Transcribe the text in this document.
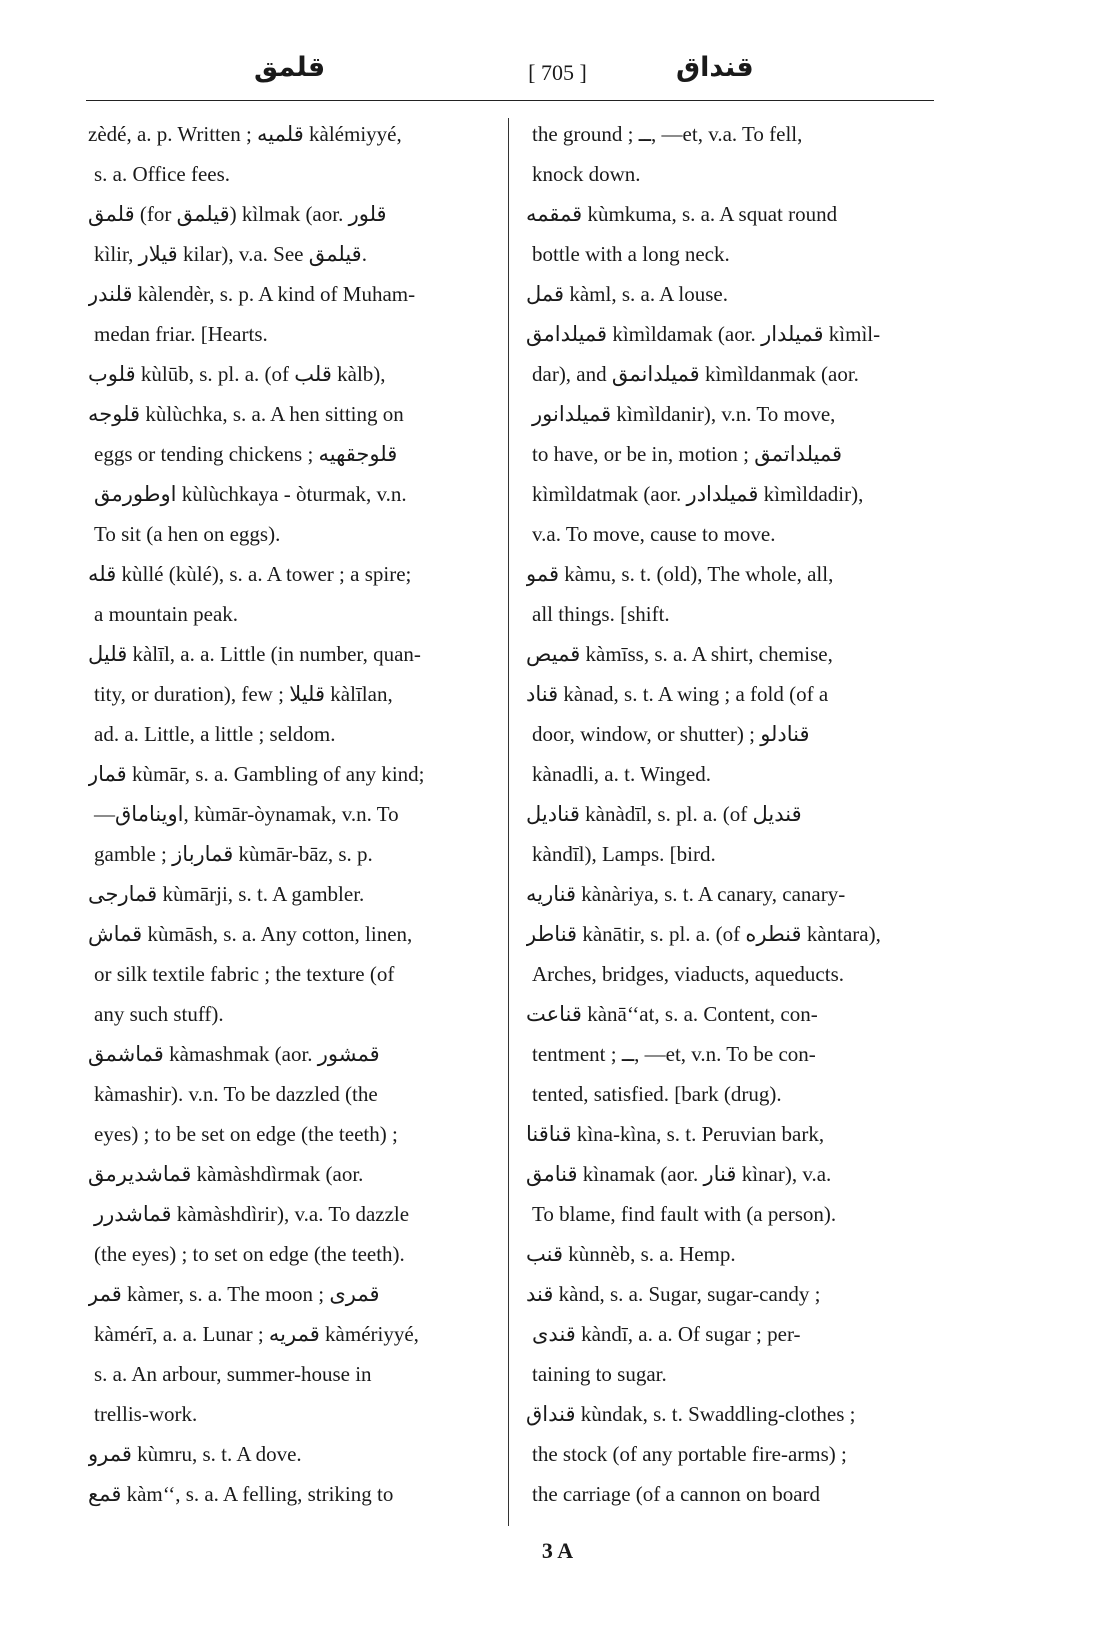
قلمق	[ 705 ]	قنداق
zèdé, a. p. Written ; قلمیه kàlémiyyé,
s. a. Office fees.
قلمق (for قیلمق) kìlmak (aor. قلور
kìlir, قیلار kilar), v.a. See قیلمق.
قلندر kàlendèr, s. p. A kind of Muham-
medan friar. [Hearts.
قلوب kùlūb, s. pl. a. (of قلب kàlb),
قلوجه kùlùchka, s. a. A hen sitting on
eggs or tending chickens ; قلوجقهیه
اوطورمق kùlùchkaya - òturmak, v.n.
To sit (a hen on eggs).
قله kùllé (kùlé), s. a. A tower ; a spire;
a mountain peak.
قلیل kàlīl, a. a. Little (in number, quan-
tity, or duration), few ; قلیلا kàlīlan,
ad. a. Little, a little ; seldom.
قمار kùmār, s. a. Gambling of any kind;
—اویناماق, kùmār-òynamak, v.n. To
gamble ; قمارباز kùmār-bāz, s. p.
قمارجی kùmārji, s. t. A gambler.
قماش kùmāsh, s. a. Any cotton, linen,
or silk textile fabric ; the texture (of
any such stuff).
قماشمق kàmashmak (aor. قمشور
kàmashir). v.n. To be dazzled (the
eyes) ; to be set on edge (the teeth) ;
قماشدیرمق kàmàshdìrmak (aor.
قماشدرر kàmàshdìrir), v.a. To dazzle
(the eyes) ; to set on edge (the teeth).
قمر kàmer, s. a. The moon ; قمری
kàmérī, a. a. Lunar ; قمریه kàmériyyé,
s. a. An arbour, summer-house in
trellis-work.
قمرو kùmru, s. t. A dove.
قمع kàm‘‘, s. a. A felling, striking to
the ground ; ــ, —et, v.a. To fell,
knock down.
قمقمه kùmkuma, s. a. A squat round
bottle with a long neck.
قمل kàml, s. a. A louse.
قمیلدامق kìmìldamak (aor. قمیلدار kìmìl-
dar), and قمیلدانمق kìmìldanmak (aor.
قمیلدانور kìmìldanir), v.n. To move,
to have, or be in, motion ; قمیلداتمق
kìmìldatmak (aor. قمیلدادر kìmìldadir),
v.a. To move, cause to move.
قمو kàmu, s. t. (old), The whole, all,
all things. [shift.
قمیص kàmīss, s. a. A shirt, chemise,
قناد kànad, s. t. A wing ; a fold (of a
door, window, or shutter) ; قنادلو
kànadli, a. t. Winged.
قنادیل kànàdīl, s. pl. a. (of قندیل
kàndīl), Lamps. [bird.
قناریه kànàriya, s. t. A canary, canary-
قناطر kànātir, s. pl. a. (of قنطره kàntara),
Arches, bridges, viaducts, aqueducts.
قناعت kànā‘‘at, s. a. Content, con-
tentment ; ــ, —et, v.n. To be con-
tented, satisfied. [bark (drug).
قناقنا kìna-kìna, s. t. Peruvian bark,
قنامق kìnamak (aor. قنار kìnar), v.a.
To blame, find fault with (a person).
قنب kùnnèb, s. a. Hemp.
قند kànd, s. a. Sugar, sugar-candy ;
قندی kàndī, a. a. Of sugar ; per-
taining to sugar.
قنداق kùndak, s. t. Swaddling-clothes ;
the stock (of any portable fire-arms) ;
the carriage (of a cannon on board
3 A
